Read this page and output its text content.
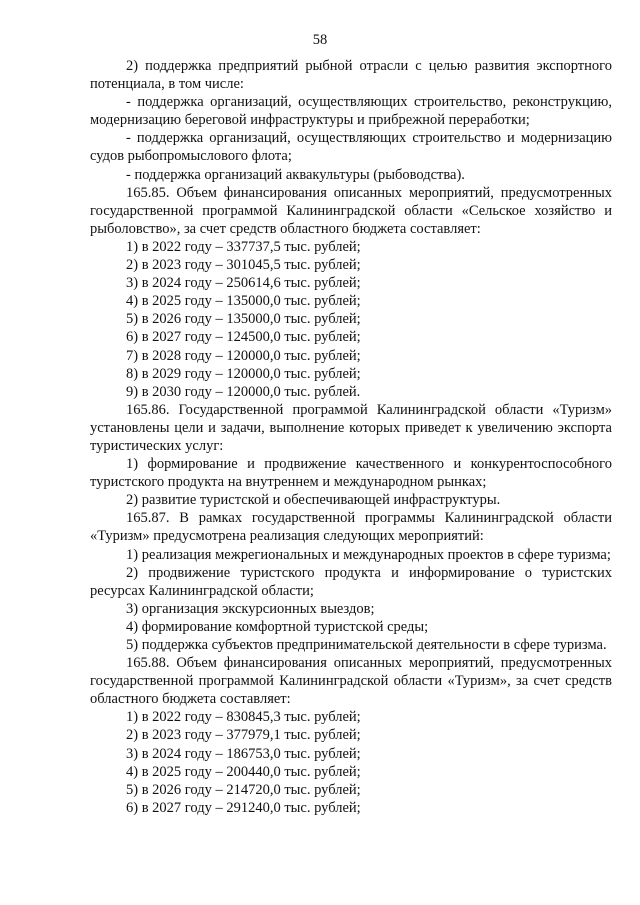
58

2) поддержка предприятий рыбной отрасли с целью развития экспортного потенциала, в том числе:

- поддержка организаций, осуществляющих строительство, реконструкцию, модернизацию береговой инфраструктуры и прибрежной переработки;

- поддержка организаций, осуществляющих строительство и модернизацию судов рыбопромыслового флота;

- поддержка организаций аквакультуры (рыбоводства).

165.85. Объем финансирования описанных мероприятий, предусмотренных государственной программой Калининградской области «Сельское хозяйство и рыболовство», за счет средств областного бюджета составляет:

1) в 2022 году – 337737,5 тыс. рублей;

2) в 2023 году – 301045,5 тыс. рублей;

3) в 2024 году – 250614,6 тыс. рублей;

4) в 2025 году – 135000,0 тыс. рублей;

5) в 2026 году – 135000,0 тыс. рублей;

6) в 2027 году – 124500,0 тыс. рублей;

7) в 2028 году – 120000,0 тыс. рублей;

8) в 2029 году – 120000,0 тыс. рублей;

9) в 2030 году – 120000,0 тыс. рублей.

165.86. Государственной программой Калининградской области «Туризм» установлены цели и задачи, выполнение которых приведет к увеличению экспорта туристических услуг:

1) формирование и продвижение качественного и конкурентоспособного туристского продукта на внутреннем и международном рынках;

2) развитие туристской и обеспечивающей инфраструктуры.

165.87. В рамках государственной программы Калининградской области «Туризм» предусмотрена реализация следующих мероприятий:

1) реализация межрегиональных и международных проектов в сфере туризма;

2) продвижение туристского продукта и информирование о туристских ресурсах Калининградской области;

3) организация экскурсионных выездов;

4) формирование комфортной туристской среды;

5) поддержка субъектов предпринимательской деятельности в сфере туризма.

165.88. Объем финансирования описанных мероприятий, предусмотренных государственной программой Калининградской области «Туризм», за счет средств областного бюджета составляет:

1) в 2022 году – 830845,3 тыс. рублей;

2) в 2023 году – 377979,1 тыс. рублей;

3) в 2024 году – 186753,0 тыс. рублей;

4) в 2025 году – 200440,0 тыс. рублей;

5) в 2026 году – 214720,0 тыс. рублей;

6) в 2027 году – 291240,0 тыс. рублей;
